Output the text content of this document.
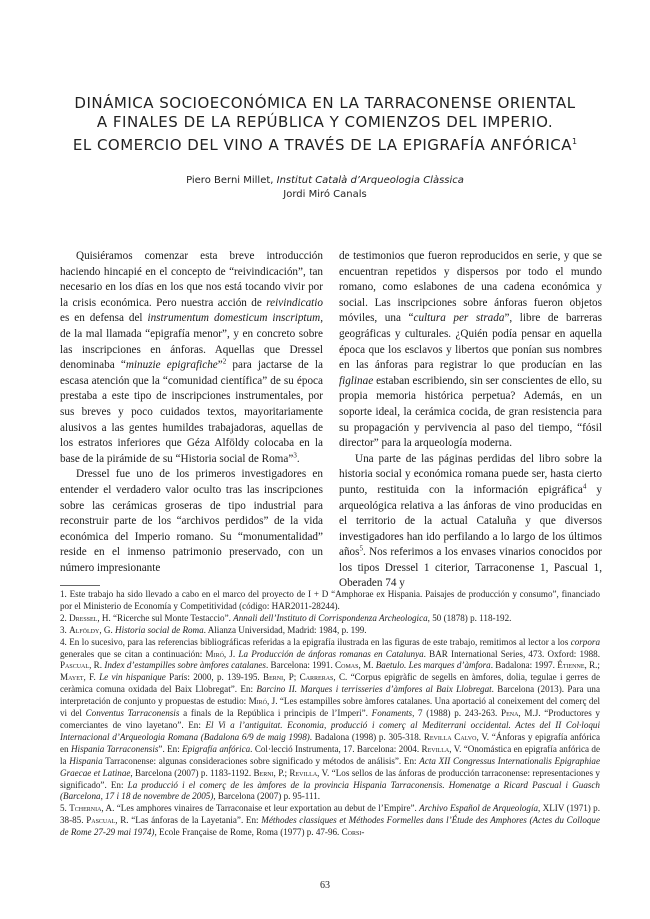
DINÁMICA SOCIOECONÓMICA EN LA TARRACONENSE ORIENTAL
A FINALES DE LA REPÚBLICA Y COMIENZOS DEL IMPERIO.
EL COMERCIO DEL VINO A TRAVÉS DE LA EPIGRAFÍA ANFÓRICA$^1$
Piero Berni Millet, Institut Català d’Arqueologia Clàssica
Jordi Miró Canals

Quisiéramos comenzar esta breve introducción haciendo hincapié en el concepto de “reivindicación”, tan necesario en los días en los que nos está tocando vivir por la crisis económica. Pero nuestra acción de reivindicatio es en defensa del instrumentum domesticum inscriptum, de la mal llamada “epigrafía menor”, y en concreto sobre las inscripciones en ánforas. Aquellas que Dressel denominaba “minuzie epigrafiche”$^2$ para jactarse de la escasa atención que la “comunidad científica” de su época prestaba a este tipo de inscripciones instrumentales, por sus breves y poco cuidados textos, mayoritariamente alusivos a las gentes humildes trabajadoras, aquellas de los estratos inferiores que Géza Alföldy colocaba en la base de la pirámide de su “Historia social de Roma”$^3$.

Dressel fue uno de los primeros investigadores en entender el verdadero valor oculto tras las inscripciones sobre las cerámicas groseras de tipo industrial para reconstruir parte de los “archivos perdidos” de la vida económica del Imperio romano. Su “monumentalidad” reside en el inmenso patrimonio preservado, con un número impresionante

de testimonios que fueron reproducidos en serie, y que se encuentran repetidos y dispersos por todo el mundo romano, como eslabones de una cadena económica y social. Las inscripciones sobre ánforas fueron objetos móviles, una “cultura per strada”, libre de barreras geográficas y culturales. ¿Quién podía pensar en aquella época que los esclavos y libertos que ponían sus nombres en las ánforas para registrar lo que producían en las figlinae estaban escribiendo, sin ser conscientes de ello, su propia memoria histórica perpetua? Además, en un soporte ideal, la cerámica cocida, de gran resistencia para su propagación y pervivencia al paso del tiempo, “fósil director” para la arqueología moderna.

Una parte de las páginas perdidas del libro sobre la historia social y económica romana puede ser, hasta cierto punto, restituida con la información epigráfica$^4$ y arqueológica relativa a las ánforas de vino producidas en el territorio de la actual Cataluña y que diversos investigadores han ido perfilando a lo largo de los últimos años$^5$. Nos referimos a los envases vinarios conocidos por los tipos Dressel 1 citerior, Tarraconense 1, Pascual 1, Oberaden 74 y

1. Este trabajo ha sido llevado a cabo en el marco del proyecto de I + D “Amphorae ex Hispania. Paisajes de producción y consumo”, financiado por el Ministerio de Economía y Competitividad (código: HAR2011-28244).

2. Dressel, H. “Ricerche sul Monte Testaccio”. Annali dell’Instituto di Corrispondenza Archeologica, 50 (1878) p. 118-192.

3. Alföldy, G. Historia social de Roma. Alianza Universidad, Madrid: 1984, p. 199.

4. En lo sucesivo, para las referencias bibliográficas referidas a la epigrafía ilustrada en las figuras de este trabajo, remitimos al lector a los corpora generales que se citan a continuación: Miró, J. La Producción de ánforas romanas en Catalunya. BAR International Series, 473. Oxford: 1988. Pascual, R. Index d’estampilles sobre àmfores catalanes. Barcelona: 1991. Comas, M. Baetulo. Les marques d’àmfora. Badalona: 1997. Étienne, R.; Mayet, F. Le vin hispanique París: 2000, p. 139-195. Berni, P; Carreras, C. “Corpus epigràfic de segells en àmfores, dolia, tegulae i gerres de ceràmica comuna oxidada del Baix Llobregat”. En: Barcino II. Marques i terrisseries d’àmfores al Baix Llobregat. Barcelona (2013). Para una interpretación de conjunto y propuestas de estudio: Miró, J. “Les estampilles sobre àmfores catalanes. Una aportació al coneixement del comerç del vi del Conventus Tarraconensis a finals de la República i principis de l’Imperi”. Fonaments, 7 (1988) p. 243-263. Pena, M.J. “Productores y comerciantes de vino layetano”. En: El Vi a l’antiguitat. Economia, producció i comerç al Mediterrani occidental. Actes del II Col·loqui Internacional d’Arqueologia Romana (Badalona 6/9 de maig 1998). Badalona (1998) p. 305-318. Revilla Calvo, V. “Ánforas y epigrafía anfórica en Hispania Tarraconensis”. En: Epigrafía anfórica. Col·lecció Instrumenta, 17. Barcelona: 2004. Revilla, V. “Onomástica en epigrafía anfórica de la Hispania Tarraconense: algunas consideraciones sobre significado y métodos de análisis”. En: Acta XII Congressus Internationalis Epigraphiae Graecae et Latinae, Barcelona (2007) p. 1183-1192. Berni, P.; Revilla, V. “Los sellos de las ánforas de producción tarraconense: representaciones y significado”. En: La producció i el comerç de les àmfores de la provincia Hispania Tarraconensis. Homenatge a Ricard Pascual i Guasch (Barcelona, 17 i 18 de novembre de 2005), Barcelona (2007) p. 95-111.

5. Tchernia, A. “Les amphores vinaires de Tarraconaise et leur exportation au debut de l’Empire”. Archivo Español de Arqueología, XLIV (1971) p. 38-85. Pascual, R. “Las ánforas de la Layetania”. En: Méthodes classiques et Méthodes Formelles dans l’Étude des Amphores (Actes du Colloque de Rome 27-29 mai 1974), Ecole Française de Rome, Roma (1977) p. 47-96. Corsi-

63
